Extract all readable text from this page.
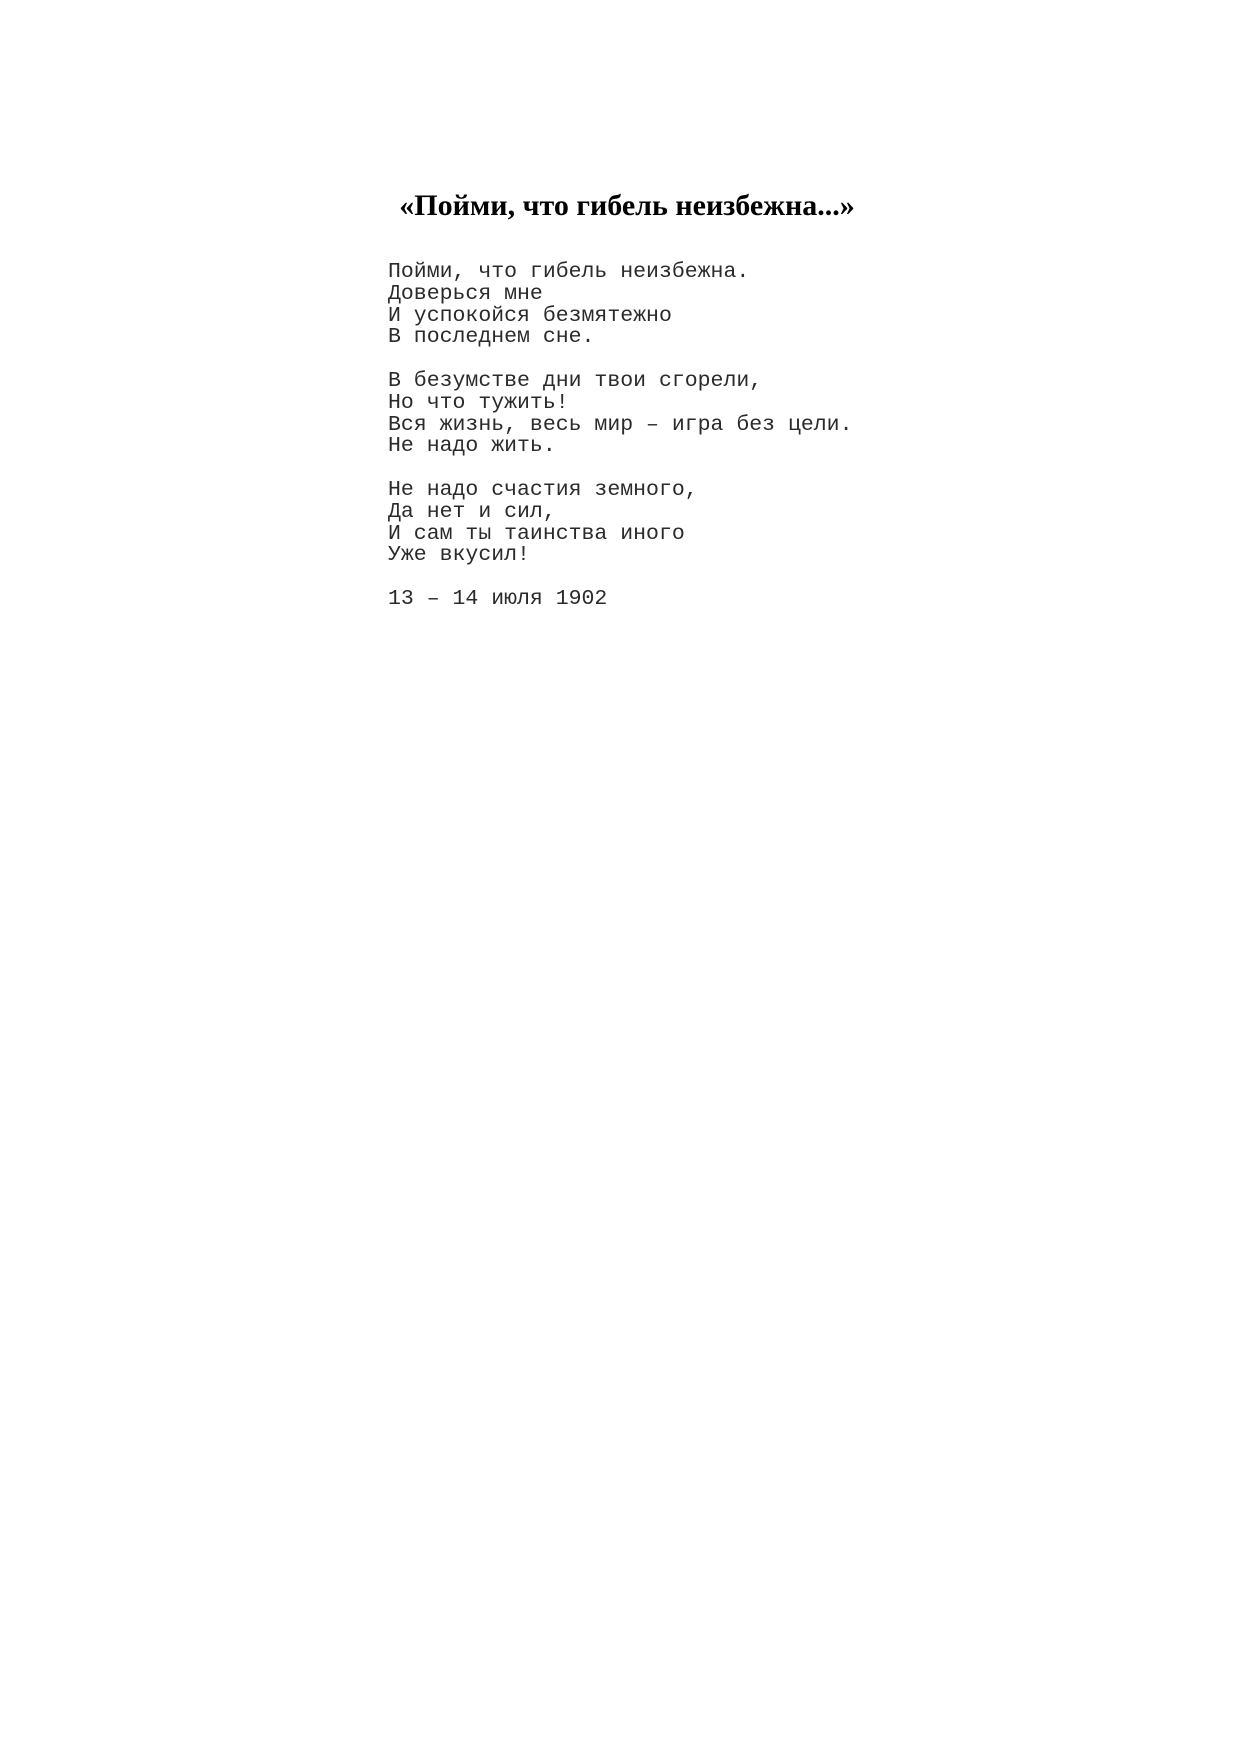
«Пойми, что гибель неизбежна...»
Пойми, что гибель неизбежна.
Доверься мне
И успокойся безмятежно
В последнем сне.
В безумстве дни твои сгорели,
Но что тужить!
Вся жизнь, весь мир – игра без цели.
Не надо жить.
Не надо счастия земного,
Да нет и сил,
И сам ты таинства иного
Уже вкусил!
13 – 14 июля 1902
